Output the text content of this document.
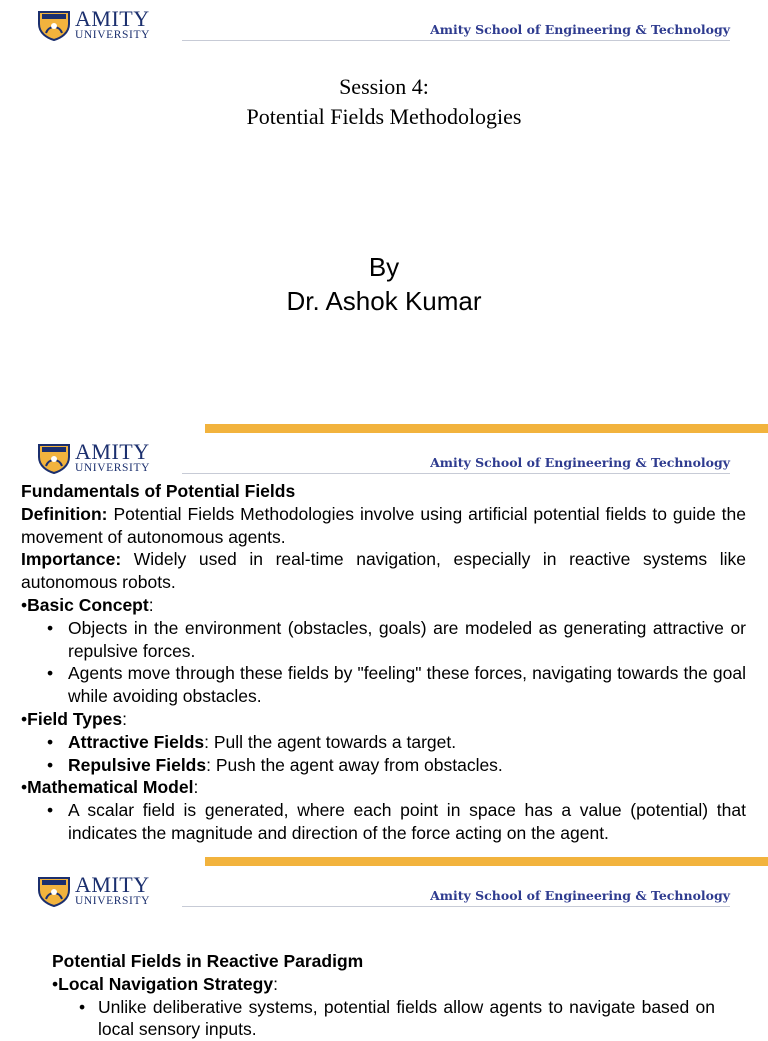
AMITY
UNIVERSITY	Amity School of Engineering & Technology
Session 4:
Potential Fields Methodologies
By
Dr. Ashok Kumar
AMITY
UNIVERSITY	Amity School of Engineering & Technology

Fundamentals of Potential Fields

Definition: Potential Fields Methodologies involve using artificial potential fields to guide the movement of autonomous agents.

Importance: Widely used in real-time navigation, especially in reactive systems like autonomous robots.

•Basic Concept:

• Objects in the environment (obstacles, goals) are modeled as generating attractive or repulsive forces.
• Agents move through these fields by "feeling" these forces, navigating towards the goal while avoiding obstacles.

•Field Types:

• Attractive Fields: Pull the agent towards a target.
• Repulsive Fields: Push the agent away from obstacles.

•Mathematical Model:

• A scalar field is generated, where each point in space has a value (potential) that indicates the magnitude and direction of the force acting on the agent.
AMITY
UNIVERSITY	Amity School of Engineering & Technology

Potential Fields in Reactive Paradigm

•Local Navigation Strategy:

• Unlike deliberative systems, potential fields allow agents to navigate based on local sensory inputs.
